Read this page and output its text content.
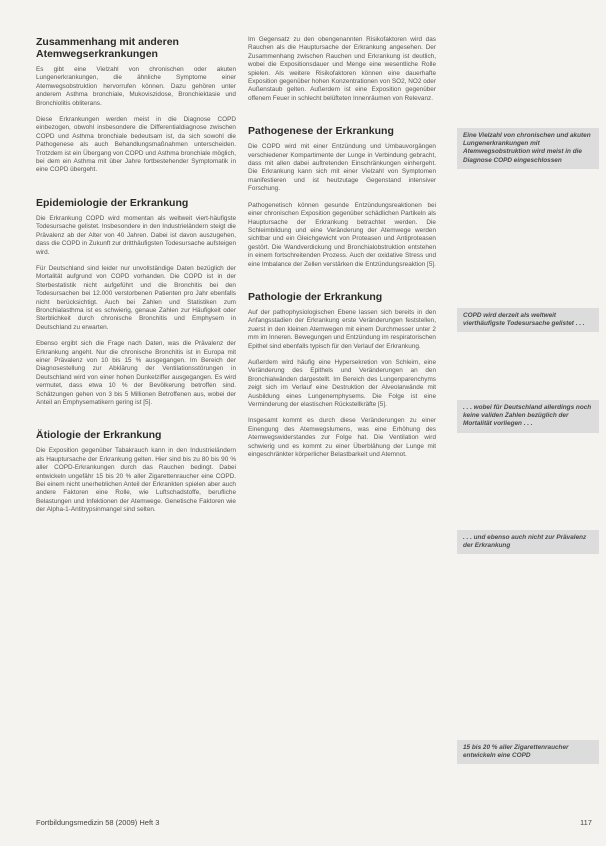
Zusammenhang mit anderen Atemwegserkrankungen

Es gibt eine Vielzahl von chronischen oder akuten Lungenerkrankungen, die ähnliche Symptome einer Atemwegsobstruktion hervorrufen können. Dazu gehören unter anderem Asthma bronchiale, Mukoviszidose, Bronchiektasie und Bronchiolitis obliterans.

Diese Erkrankungen werden meist in die Diagnose COPD einbezogen, obwohl insbesondere die Differentialdiagnose zwischen COPD und Asthma bronchiale bedeutsam ist, da sich sowohl die Pathogenese als auch Behandlungsmaßnahmen unterscheiden. Trotzdem ist ein Übergang von COPD und Asthma bronchiale möglich, bei dem ein Asthma mit über Jahre fortbestehender Symptomatik in eine COPD übergeht.

Epidemiologie der Erkrankung

Die Erkrankung COPD wird momentan als weltweit viert-häufigste Todesursache gelistet. Insbesondere in den Industrieländern steigt die Prävalenz ab der Alter von 40 Jahren. Dabei ist davon auszugehen, dass die COPD in Zukunft zur dritthäufigsten Todesursache aufsteigen wird.

Für Deutschland sind leider nur unvollständige Daten bezüglich der Mortalität aufgrund von COPD vorhanden. Die COPD ist in der Sterbestatistik nicht aufgeführt und die Bronchitis bei den Todesursachen bei 12.000 verstorbenen Patienten pro Jahr ebenfalls nicht berücksichtigt. Auch bei Zahlen und Statistiken zum Bronchialasthma ist es schwierig, genaue Zahlen zur Häufigkeit oder Sterblichkeit durch chronische Bronchitis und Emphysem in Deutschland zu erwarten.

Ebenso ergibt sich die Frage nach Daten, was die Prävalenz der Erkrankung angeht. Nur die chronische Bronchitis ist in Europa mit einer Prävalenz von 10 bis 15 % ausgegangen. Im Bereich der Diagnosestellung zur Abklärung der Ventilationsstörungen in Deutschland wird von einer hohen Dunkelziffer ausgegangen. Es wird vermutet, dass etwa 10 % der Bevölkerung betroffen sind. Schätzungen gehen von 3 bis 5 Millionen Betroffenen aus, wobei der Anteil an Emphysematikern gering ist [5].

Ätiologie der Erkrankung

Die Exposition gegenüber Tabakrauch kann in den Industrieländern als Hauptursache der Erkrankung gelten. Hier sind bis zu 80 bis 90 % aller COPD-Erkrankungen durch das Rauchen bedingt. Dabei entwickeln ungefähr 15 bis 20 % aller Zigarettenraucher eine COPD. Bei einem nicht unerheblichen Anteil der Erkrankten spielen aber auch andere Faktoren eine Rolle, wie Luftschadstoffe, berufliche Belastungen und Infektionen der Atemwege. Genetische Faktoren wie der Alpha-1-Antitrypsinmangel sind selten.

Im Gegensatz zu den obengenannten Risikofaktoren wird das Rauchen als die Hauptursache der Erkrankung angesehen. Der Zusammenhang zwischen Rauchen und Erkrankung ist deutlich, wobei die Expositionsdauer und Menge eine wesentliche Rolle spielen. Als weitere Risikofaktoren können eine dauerhafte Exposition gegenüber hohen Konzentrationen von SO2, NO2 oder Außenstaub gelten. Außerdem ist eine Exposition gegenüber offenem Feuer in schlecht belüfteten Innenräumen von Relevanz.

Pathogenese der Erkrankung

Die COPD wird mit einer Entzündung und Umbauvorgängen verschiedener Kompartimente der Lunge in Verbindung gebracht, dass mit allen dabei auftretenden Einschränkungen einhergeht. Die Erkrankung kann sich mit einer Vielzahl von Symptomen manifestieren und ist heutzutage Gegenstand intensiver Forschung.

Pathogenetisch können gesunde Entzündungsreaktionen bei einer chronischen Exposition gegenüber schädlichen Partikeln als Hauptursache der Erkrankung betrachtet werden. Die Schleimbildung und eine Veränderung der Atemwege werden sichtbar und ein Gleichgewicht von Proteasen und Antiproteasen gestört. Die Wandverdickung und Bronchialobstruktion entstehen in einem fortschreitenden Prozess. Auch der oxidative Stress und eine Imbalance der Zellen verstärken die Entzündungsreaktion [5].

Pathologie der Erkrankung

Auf der pathophysiologischen Ebene lassen sich bereits in den Anfangsstadien der Erkrankung erste Veränderungen feststellen, zuerst in den kleinen Atemwegen mit einem Durchmesser unter 2 mm im Inneren. Bewegungen und Entzündung im respiratorischen Epithel sind ebenfalls typisch für den Verlauf der Erkrankung.

Außerdem wird häufig eine Hypersekretion von Schleim, eine Veränderung des Epithels und Veränderungen an den Bronchialwänden dargestellt. Im Bereich des Lungenparenchyms zeigt sich im Verlauf eine Destruktion der Alveolarwände mit Ausbildung eines Lungenemphysems. Die Folge ist eine Verminderung der elastischen Rückstellkräfte [5].

Insgesamt kommt es durch diese Veränderungen zu einer Einengung des Atemwegslumens, was eine Erhöhung des Atemwegswiderstandes zur Folge hat. Die Ventilation wird schwierig und es kommt zu einer Überblähung der Lunge mit eingeschränkter körperlicher Belastbarkeit und Atemnot.

Eine Vielzahl von chronischen und akuten Lungenerkrankungen mit Atemwegsobstruktion wird meist in die Diagnose COPD eingeschlossen
COPD wird derzeit als weltweit vierthäufigste Todesursache gelistet . . .
. . . wobei für Deutschland allerdings noch keine validen Zahlen bezüglich der Mortalität vorliegen . . .
. . . und ebenso auch nicht zur Prävalenz der Erkrankung
15 bis 20 % aller Zigarettenraucher entwickeln eine COPD
Fortbildungsmedizin 58 (2009) Heft 3	117
